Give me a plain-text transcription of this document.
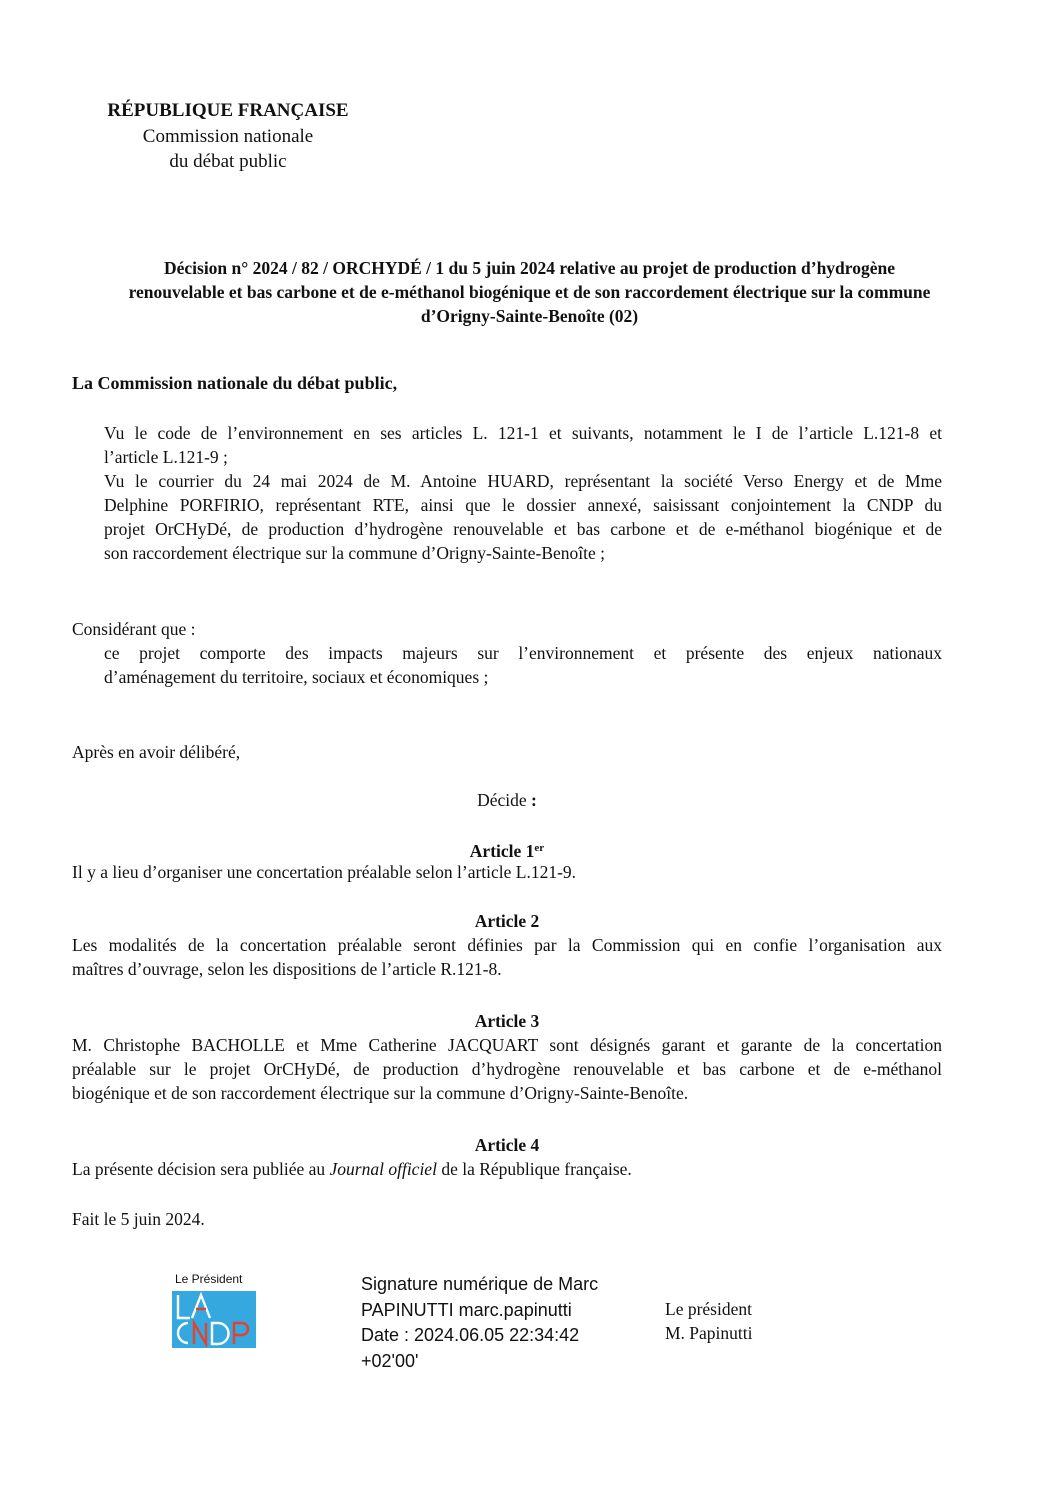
RÉPUBLIQUE FRANÇAISE
Commission nationale
du débat public
Décision n° 2024 / 82 / ORCHYDÉ / 1 du 5 juin 2024 relative au projet de production d’hydrogène
renouvelable et bas carbone et de e-méthanol biogénique et de son raccordement électrique sur la commune
d’Origny-Sainte-Benoîte (02)
La Commission nationale du débat public,
Vu le code de l’environnement en ses articles L. 121-1 et suivants, notamment le I de l’article L.121-8 et
l’article L.121-9 ;
Vu le courrier du 24 mai 2024 de M. Antoine HUARD, représentant la société Verso Energy et de Mme
Delphine PORFIRIO, représentant RTE, ainsi que le dossier annexé, saisissant conjointement la CNDP du
projet OrCHyDé, de production d’hydrogène renouvelable et bas carbone et de e-méthanol biogénique et de
son raccordement électrique sur la commune d’Origny-Sainte-Benoîte ;
Considérant que :
ce projet comporte des impacts majeurs sur l’environnement et présente des enjeux nationaux
d’aménagement du territoire, sociaux et économiques ;
Après en avoir délibéré,
Décide :
Article 1er
Il y a lieu d’organiser une concertation préalable selon l’article L.121-9.
Article 2
Les modalités de la concertation préalable seront définies par la Commission qui en confie l’organisation aux
maîtres d’ouvrage, selon les dispositions de l’article R.121-8.
Article 3
M. Christophe BACHOLLE et Mme Catherine JACQUART sont désignés garant et garante de la concertation
préalable sur le projet OrCHyDé, de production d’hydrogène renouvelable et bas carbone et de e-méthanol
biogénique et de son raccordement électrique sur la commune d’Origny-Sainte-Benoîte.
Article 4
La présente décision sera publiée au Journal officiel de la République française.
Fait le 5 juin 2024.
Le Président	Signature numérique de Marc
PAPINUTTI marc.papinutti
Date : 2024.06.05 22:34:42
+02'00'
Le président
M. Papinutti
